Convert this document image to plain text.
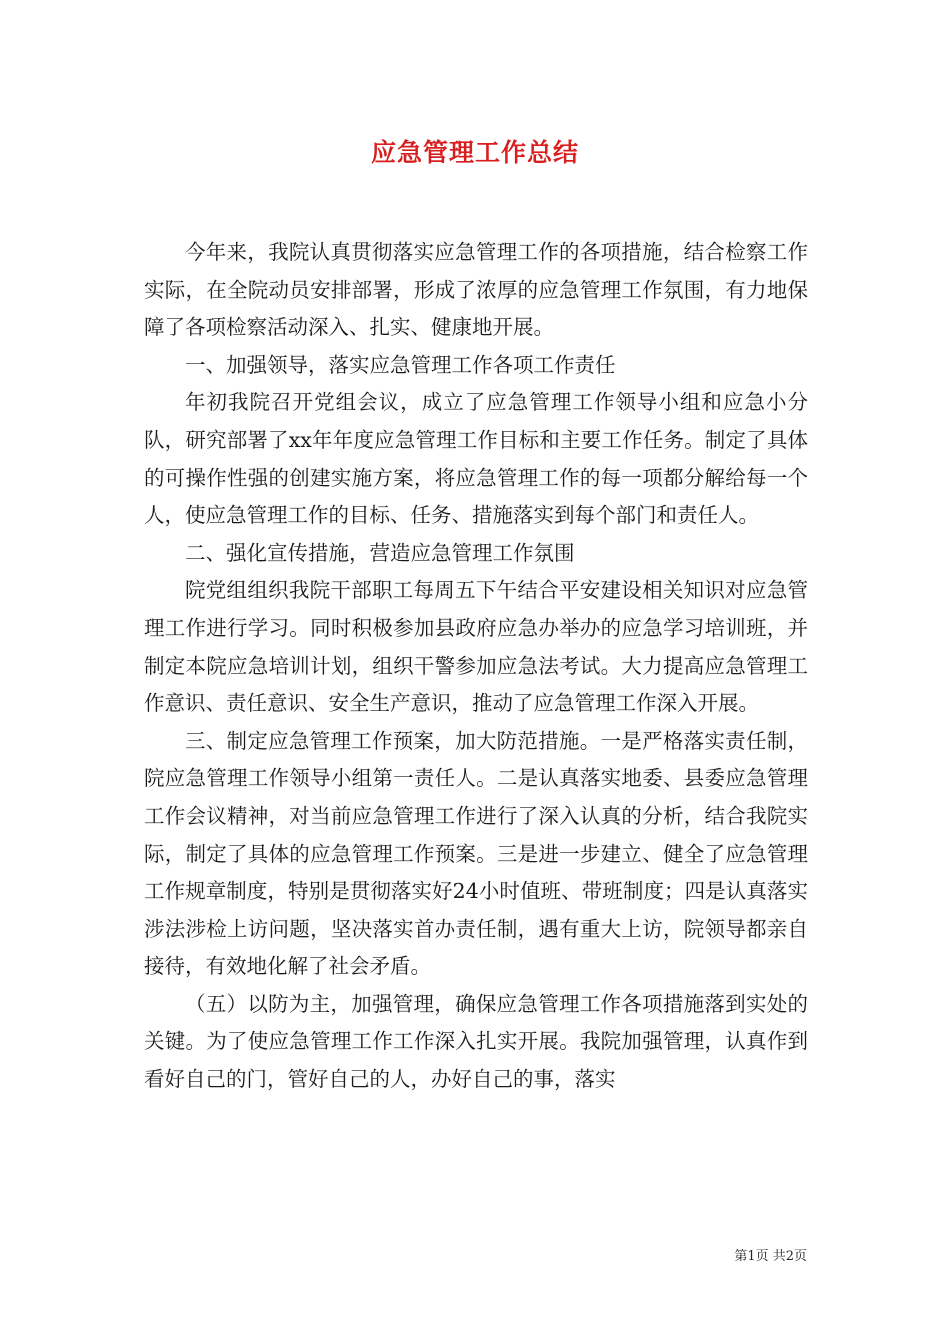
应急管理工作总结

今年来，我院认真贯彻落实应急管理工作的各项措施，结合检察工作实际，在全院动员安排部署，形成了浓厚的应急管理工作氛围，有力地保障了各项检察活动深入、扎实、健康地开展。

一、加强领导，落实应急管理工作各项工作责任

年初我院召开党组会议，成立了应急管理工作领导小组和应急小分队，研究部署了xx年年度应急管理工作目标和主要工作任务。制定了具体的可操作性强的创建实施方案，将应急管理工作的每一项都分解给每一个人，使应急管理工作的目标、任务、措施落实到每个部门和责任人。

二、强化宣传措施，营造应急管理工作氛围

院党组组织我院干部职工每周五下午结合平安建设相关知识对应急管理工作进行学习。同时积极参加县政府应急办举办的应急学习培训班，并制定本院应急培训计划，组织干警参加应急法考试。大力提高应急管理工作意识、责任意识、安全生产意识，推动了应急管理工作深入开展。

三、制定应急管理工作预案，加大防范措施。一是严格落实责任制，院应急管理工作领导小组第一责任人。二是认真落实地委、县委应急管理工作会议精神，对当前应急管理工作进行了深入认真的分析，结合我院实际，制定了具体的应急管理工作预案。三是进一步建立、健全了应急管理工作规章制度，特别是贯彻落实好24小时值班、带班制度；四是认真落实涉法涉检上访问题，坚决落实首办责任制，遇有重大上访，院领导都亲自接待，有效地化解了社会矛盾。

（五）以防为主，加强管理，确保应急管理工作各项措施落到实处的关键。为了使应急管理工作工作深入扎实开展。我院加强管理，认真作到看好自己的门，管好自己的人，办好自己的事，落实

第1页 共2页
